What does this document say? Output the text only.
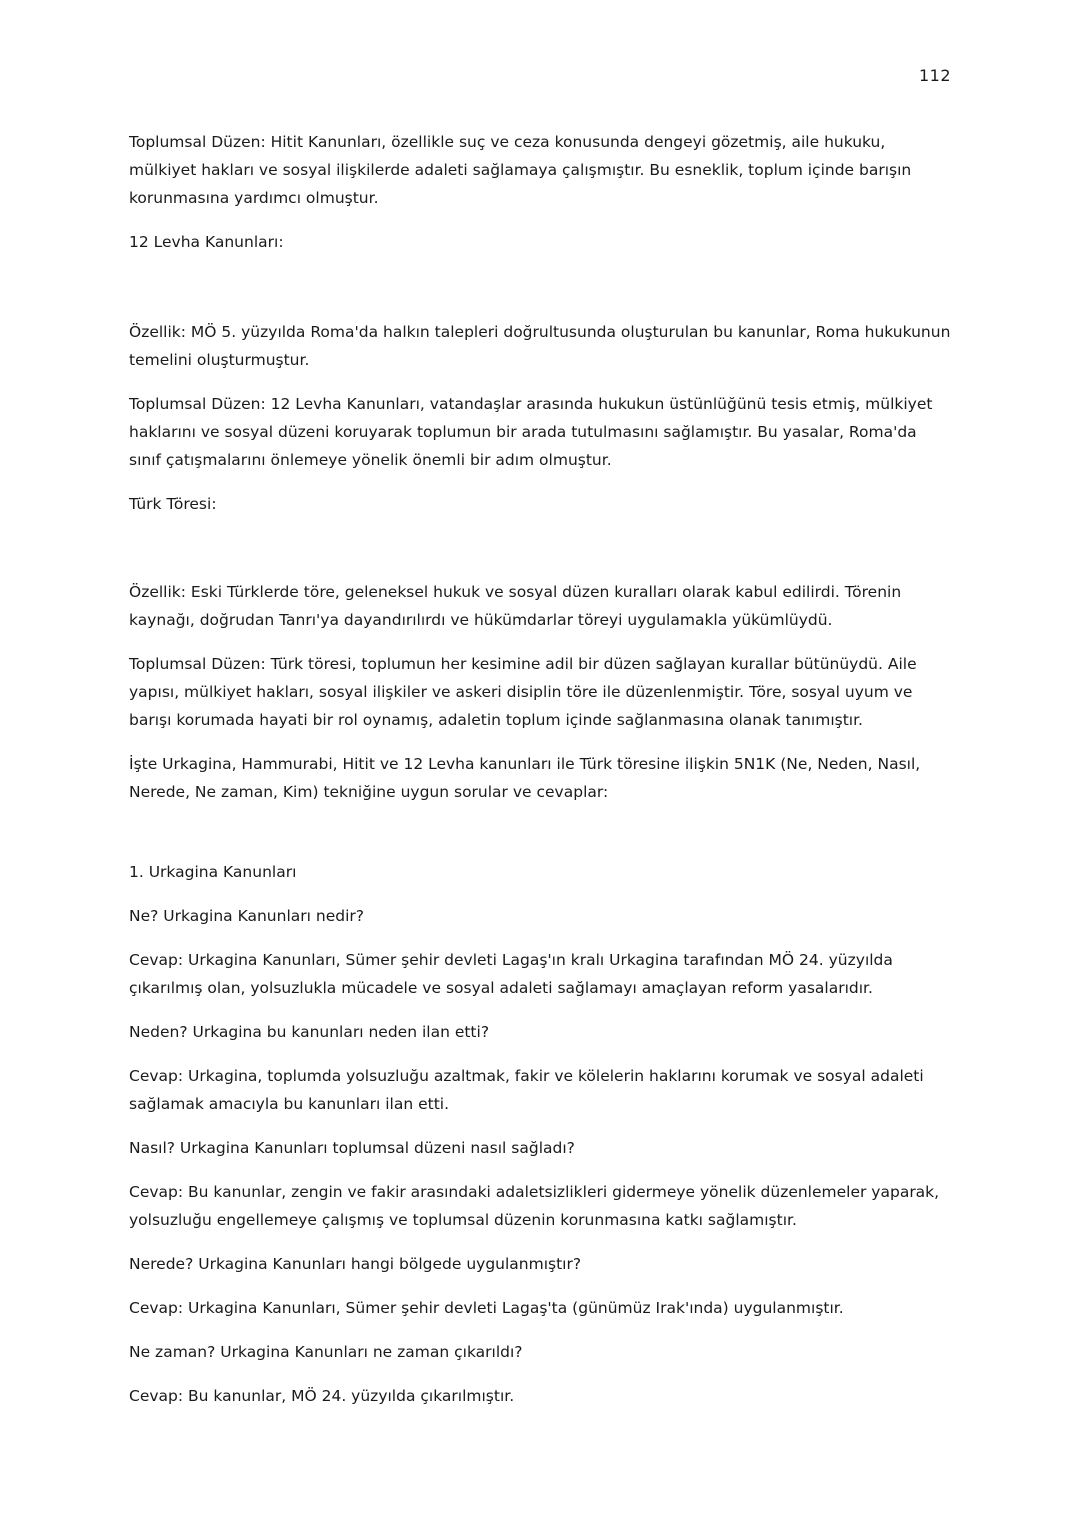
112

Toplumsal Düzen: Hitit Kanunları, özellikle suç ve ceza konusunda dengeyi gözetmiş, aile hukuku, mülkiyet hakları ve sosyal ilişkilerde adaleti sağlamaya çalışmıştır. Bu esneklik, toplum içinde barışın korunmasına yardımcı olmuştur.

12 Levha Kanunları:

Özellik: MÖ 5. yüzyılda Roma'da halkın talepleri doğrultusunda oluşturulan bu kanunlar, Roma hukukunun temelini oluşturmuştur.

Toplumsal Düzen: 12 Levha Kanunları, vatandaşlar arasında hukukun üstünlüğünü tesis etmiş, mülkiyet haklarını ve sosyal düzeni koruyarak toplumun bir arada tutulmasını sağlamıştır. Bu yasalar, Roma'da sınıf çatışmalarını önlemeye yönelik önemli bir adım olmuştur.

Türk Töresi:

Özellik: Eski Türklerde töre, geleneksel hukuk ve sosyal düzen kuralları olarak kabul edilirdi. Törenin kaynağı, doğrudan Tanrı'ya dayandırılırdı ve hükümdarlar töreyi uygulamakla yükümlüydü.

Toplumsal Düzen: Türk töresi, toplumun her kesimine adil bir düzen sağlayan kurallar bütünüydü. Aile yapısı, mülkiyet hakları, sosyal ilişkiler ve askeri disiplin töre ile düzenlenmiştir. Töre, sosyal uyum ve barışı korumada hayati bir rol oynamış, adaletin toplum içinde sağlanmasına olanak tanımıştır.

İşte Urkagina, Hammurabi, Hitit ve 12 Levha kanunları ile Türk töresine ilişkin 5N1K (Ne, Neden, Nasıl, Nerede, Ne zaman, Kim) tekniğine uygun sorular ve cevaplar:

1. Urkagina Kanunları

Ne? Urkagina Kanunları nedir?

Cevap: Urkagina Kanunları, Sümer şehir devleti Lagaş'ın kralı Urkagina tarafından MÖ 24. yüzyılda çıkarılmış olan, yolsuzlukla mücadele ve sosyal adaleti sağlamayı amaçlayan reform yasalarıdır.

Neden? Urkagina bu kanunları neden ilan etti?

Cevap: Urkagina, toplumda yolsuzluğu azaltmak, fakir ve kölelerin haklarını korumak ve sosyal adaleti sağlamak amacıyla bu kanunları ilan etti.

Nasıl? Urkagina Kanunları toplumsal düzeni nasıl sağladı?

Cevap: Bu kanunlar, zengin ve fakir arasındaki adaletsizlikleri gidermeye yönelik düzenlemeler yaparak, yolsuzluğu engellemeye çalışmış ve toplumsal düzenin korunmasına katkı sağlamıştır.

Nerede? Urkagina Kanunları hangi bölgede uygulanmıştır?

Cevap: Urkagina Kanunları, Sümer şehir devleti Lagaş'ta (günümüz Irak'ında) uygulanmıştır.

Ne zaman? Urkagina Kanunları ne zaman çıkarıldı?

Cevap: Bu kanunlar, MÖ 24. yüzyılda çıkarılmıştır.
